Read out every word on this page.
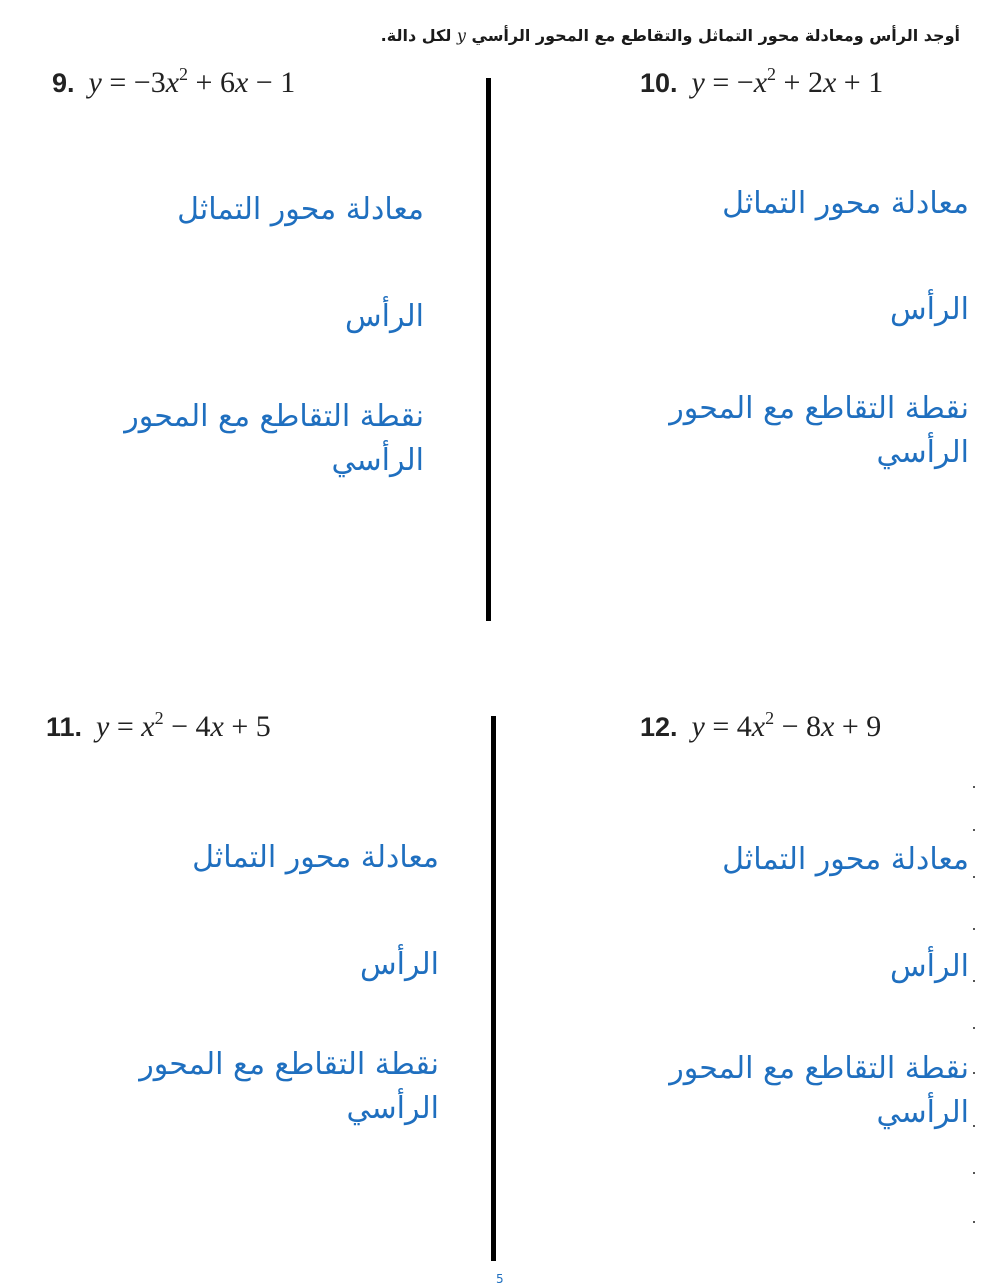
أوجد الرأس ومعادلة محور التماثل والتقاطع مع المحور الرأسي y لكل دالة.
9. $y = -3x^2 + 6x - 1$	10. $y = -x^2 + 2x + 1$
11. $y = x^2 - 4x + 5$	12. $y = 4x^2 - 8x + 9$
معادلة محور التماثل
الرأس
نقطة التقاطع مع المحور
الرأسي
معادلة محور التماثل
الرأس
نقطة التقاطع مع المحور
الرأسي
معادلة محور التماثل
الرأس
نقطة التقاطع مع المحور
الرأسي
معادلة محور التماثل
الرأس
نقطة التقاطع مع المحور
الرأسي
5
